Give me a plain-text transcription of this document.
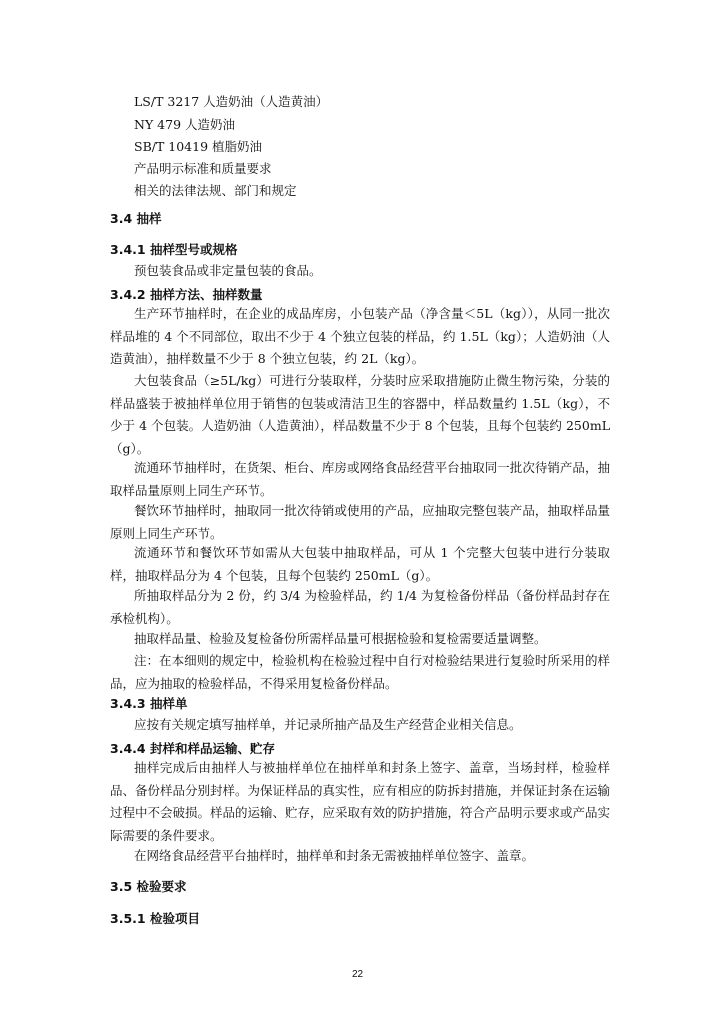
LS/T 3217 人造奶油（人造黄油）
NY 479 人造奶油
SB/T 10419 植脂奶油
产品明示标准和质量要求
相关的法律法规、部门和规定
3.4 抽样
3.4.1 抽样型号或规格
预包装食品或非定量包装的食品。
3.4.2 抽样方法、抽样数量
生产环节抽样时，在企业的成品库房，小包装产品（净含量＜5L（kg）），从同一批次样品堆的 4 个不同部位，取出不少于 4 个独立包装的样品，约 1.5L（kg）；人造奶油（人造黄油），抽样数量不少于 8 个独立包装，约 2L（kg）。
大包装食品（≥5L/kg）可进行分装取样，分装时应采取措施防止微生物污染，分装的样品盛装于被抽样单位用于销售的包装或清洁卫生的容器中，样品数量约 1.5L（kg），不少于 4 个包装。人造奶油（人造黄油），样品数量不少于 8 个包装，且每个包装约 250mL（g）。
流通环节抽样时，在货架、柜台、库房或网络食品经营平台抽取同一批次待销产品，抽取样品量原则上同生产环节。
餐饮环节抽样时，抽取同一批次待销或使用的产品，应抽取完整包装产品，抽取样品量原则上同生产环节。
流通环节和餐饮环节如需从大包装中抽取样品，可从 1 个完整大包装中进行分装取样，抽取样品分为 4 个包装，且每个包装约 250mL（g）。
所抽取样品分为 2 份，约 3/4 为检验样品，约 1/4 为复检备份样品（备份样品封存在承检机构）。
抽取样品量、检验及复检备份所需样品量可根据检验和复检需要适量调整。
注：在本细则的规定中，检验机构在检验过程中自行对检验结果进行复验时所采用的样品，应为抽取的检验样品，不得采用复检备份样品。
3.4.3 抽样单
应按有关规定填写抽样单，并记录所抽产品及生产经营企业相关信息。
3.4.4 封样和样品运输、贮存
抽样完成后由抽样人与被抽样单位在抽样单和封条上签字、盖章，当场封样，检验样品、备份样品分别封样。为保证样品的真实性，应有相应的防拆封措施，并保证封条在运输过程中不会破损。样品的运输、贮存，应采取有效的防护措施，符合产品明示要求或产品实际需要的条件要求。
在网络食品经营平台抽样时，抽样单和封条无需被抽样单位签字、盖章。
3.5 检验要求
3.5.1 检验项目
22
